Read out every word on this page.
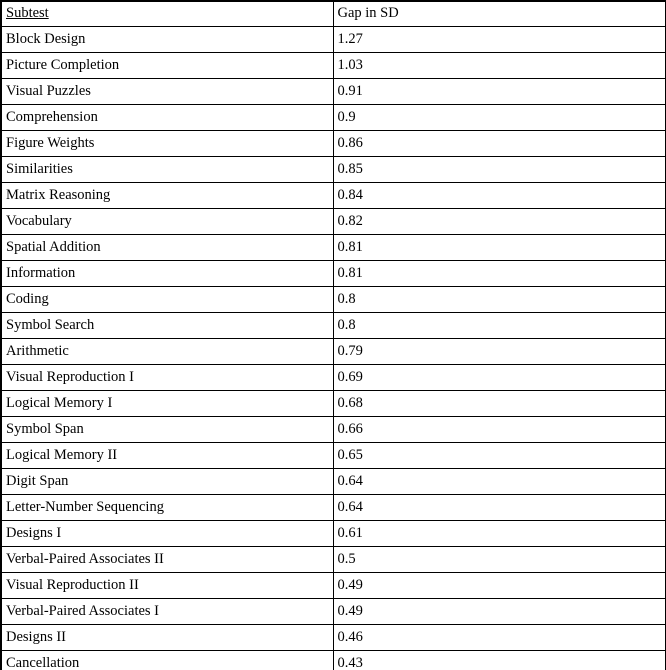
Subtest	Gap in SD
Block Design	1.27
Picture Completion	1.03
Visual Puzzles	0.91
Comprehension	0.9
Figure Weights	0.86
Similarities	0.85
Matrix Reasoning	0.84
Vocabulary	0.82
Spatial Addition	0.81
Information	0.81
Coding	0.8
Symbol Search	0.8
Arithmetic	0.79
Visual Reproduction I	0.69
Logical Memory I	0.68
Symbol Span	0.66
Logical Memory II	0.65
Digit Span	0.64
Letter-Number Sequencing	0.64
Designs I	0.61
Verbal-Paired Associates II	0.5
Visual Reproduction II	0.49
Verbal-Paired Associates I	0.49
Designs II	0.46
Cancellation	0.43
